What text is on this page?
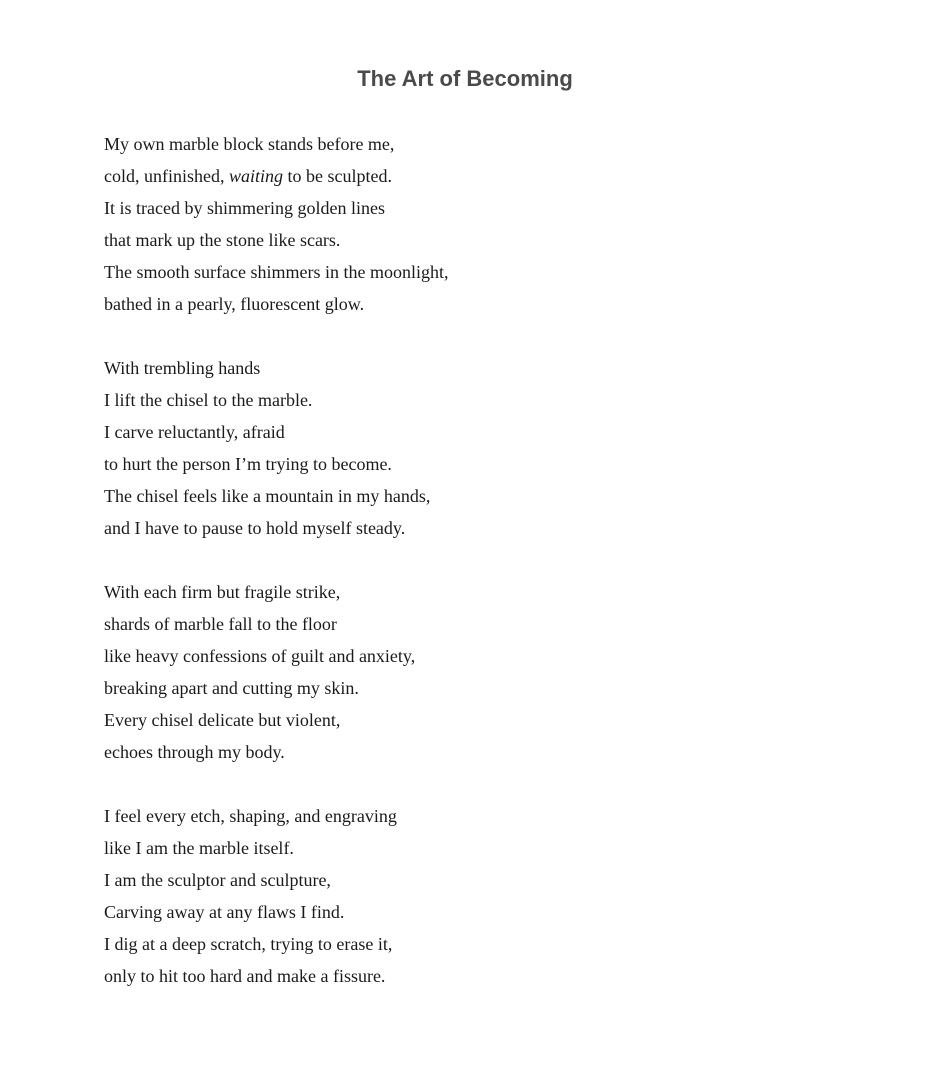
The Art of Becoming
My own marble block stands before me,
cold, unfinished, waiting to be sculpted.
It is traced by shimmering golden lines
that mark up the stone like scars.
The smooth surface shimmers in the moonlight,
bathed in a pearly, fluorescent glow.
With trembling hands
I lift the chisel to the marble.
I carve reluctantly, afraid
to hurt the person I’m trying to become.
The chisel feels like a mountain in my hands,
and I have to pause to hold myself steady.
With each firm but fragile strike,
shards of marble fall to the floor
like heavy confessions of guilt and anxiety,
breaking apart and cutting my skin.
Every chisel delicate but violent,
echoes through my body.
I feel every etch, shaping, and engraving
like I am the marble itself.
I am the sculptor and sculpture,
Carving away at any flaws I find.
I dig at a deep scratch, trying to erase it,
only to hit too hard and make a fissure.
